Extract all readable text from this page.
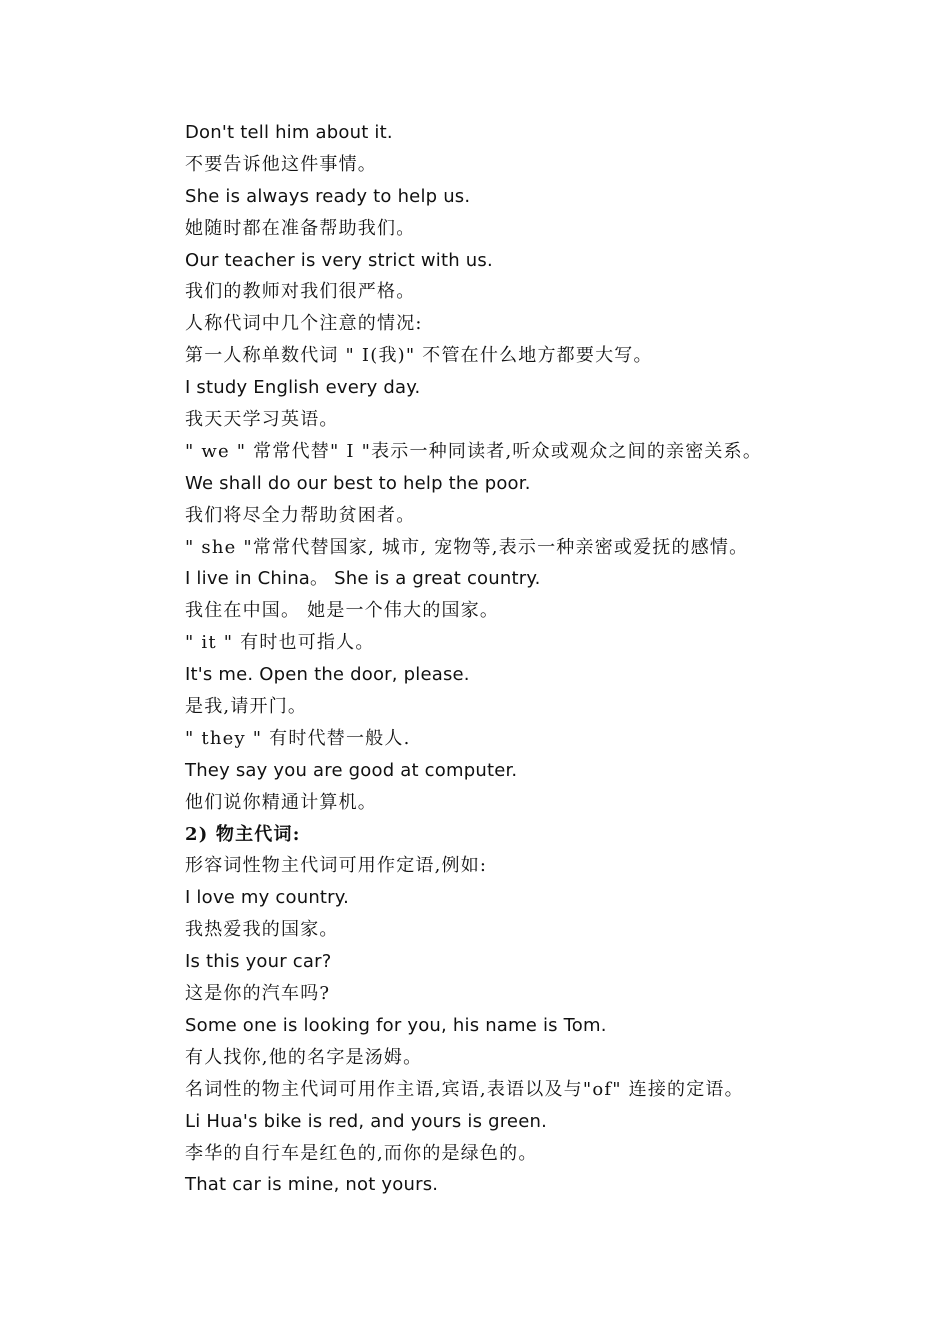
Don't tell him about it.
不要告诉他这件事情。
She is always ready to help us.
她随时都在准备帮助我们。
Our teacher is very strict with us.
我们的教师对我们很严格。
人称代词中几个注意的情况:
第一人称单数代词 " I(我)" 不管在什么地方都要大写。
I study English every day.
我天天学习英语。
" we " 常常代替" I "表示一种同读者,听众或观众之间的亲密关系。
We shall do our best to help the poor.
我们将尽全力帮助贫困者。
" she "常常代替国家, 城市, 宠物等,表示一种亲密或爱抚的感情。
I live in China。 She is a great country.
我住在中国。 她是一个伟大的国家。
" it " 有时也可指人。
It's me. Open the door, please.
是我,请开门。
" they " 有时代替一般人.
They say you are good at computer.
他们说你精通计算机。
2) 物主代词:
形容词性物主代词可用作定语,例如:
I love my country.
我热爱我的国家。
Is this your car?
这是你的汽车吗?
Some one is looking for you, his name is Tom.
有人找你,他的名字是汤姆。
名词性的物主代词可用作主语,宾语,表语以及与"of" 连接的定语。
Li Hua's bike is red, and yours is green.
李华的自行车是红色的,而你的是绿色的。
That car is mine, not yours.
